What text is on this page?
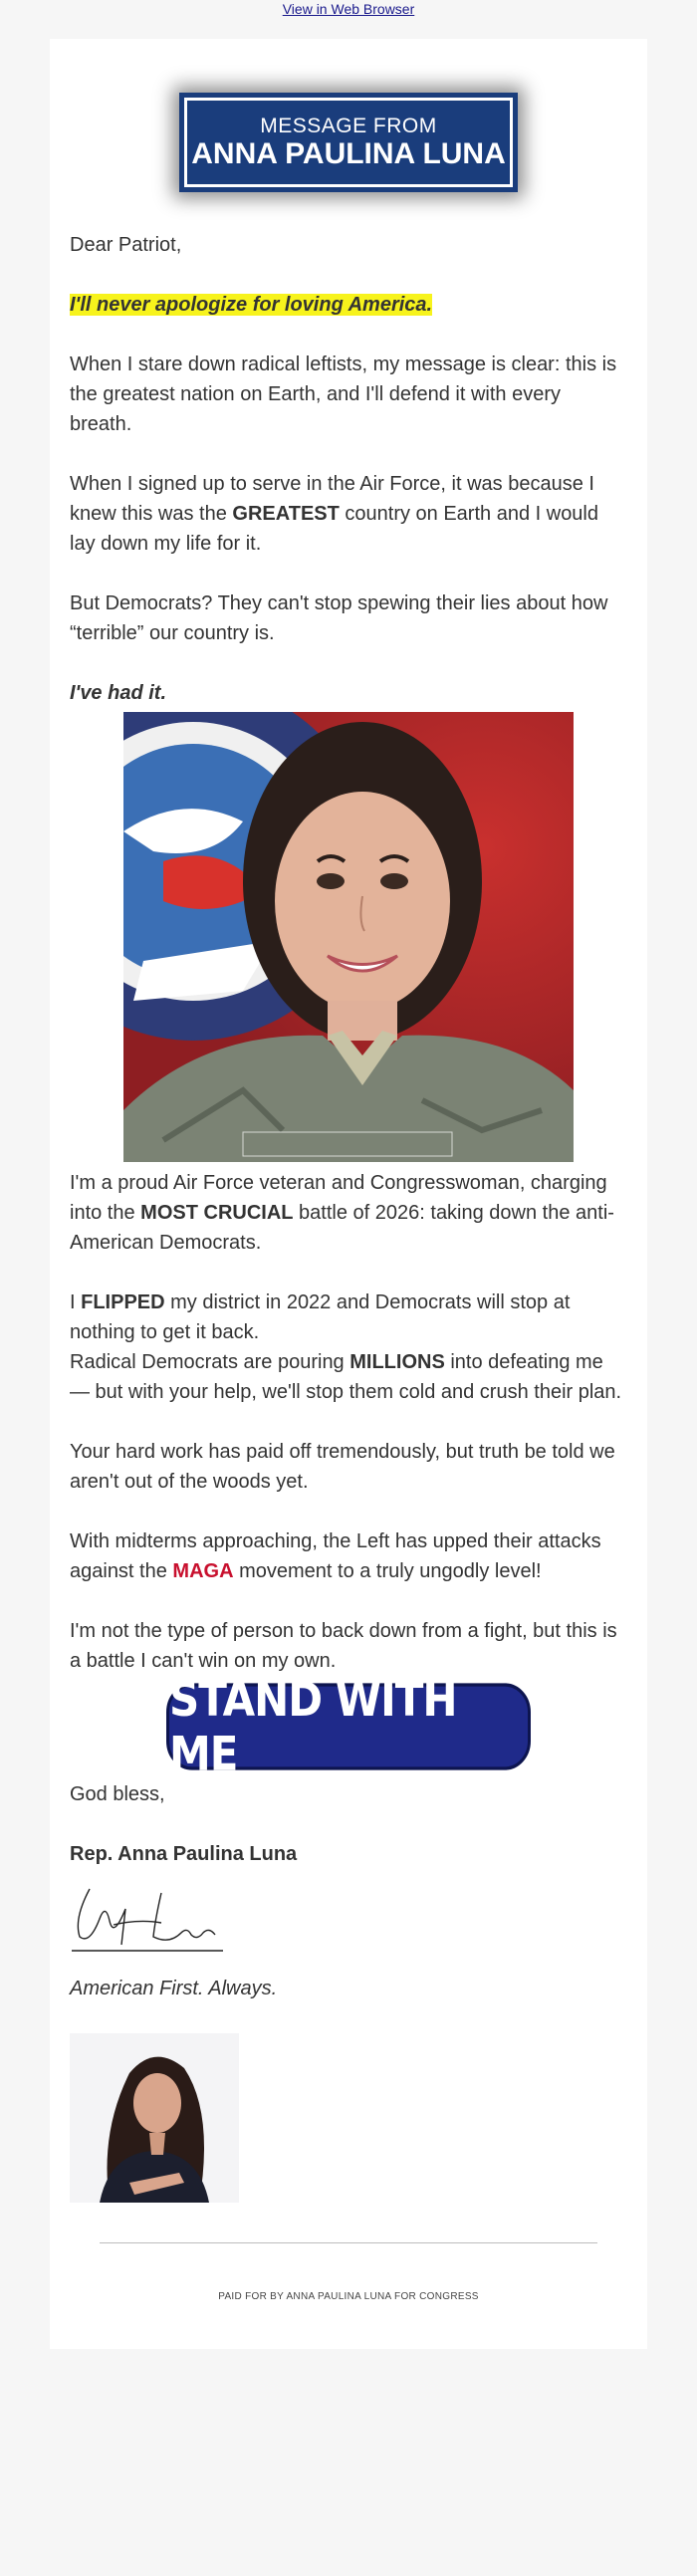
View in Web Browser
MESSAGE FROM
ANNA PAULINA LUNA

Dear Patriot,

I'll never apologize for loving America.

When I stare down radical leftists, my message is clear: this is the greatest nation on Earth, and I'll defend it with every breath.

When I signed up to serve in the Air Force, it was because I knew this was the GREATEST country on Earth and I would lay down my life for it.

But Democrats? They can't stop spewing their lies about how “terrible” our country is.

I've had it.

I'm a proud Air Force veteran and Congresswoman, charging into the MOST CRUCIAL battle of 2026: taking down the anti-American Democrats.

I FLIPPED my district in 2022 and Democrats will stop at nothing to get it back.

Radical Democrats are pouring MILLIONS into defeating me — but with your help, we'll stop them cold and crush their plan.

Your hard work has paid off tremendously, but truth be told we aren't out of the woods yet.

With midterms approaching, the Left has upped their attacks against the MAGA movement to a truly ungodly level!

I'm not the type of person to back down from a fight, but this is a battle I can't win on my own.

STAND WITH ME

God bless,

Rep. Anna Paulina Luna

American First. Always.

PAID FOR BY ANNA PAULINA LUNA FOR CONGRESS
